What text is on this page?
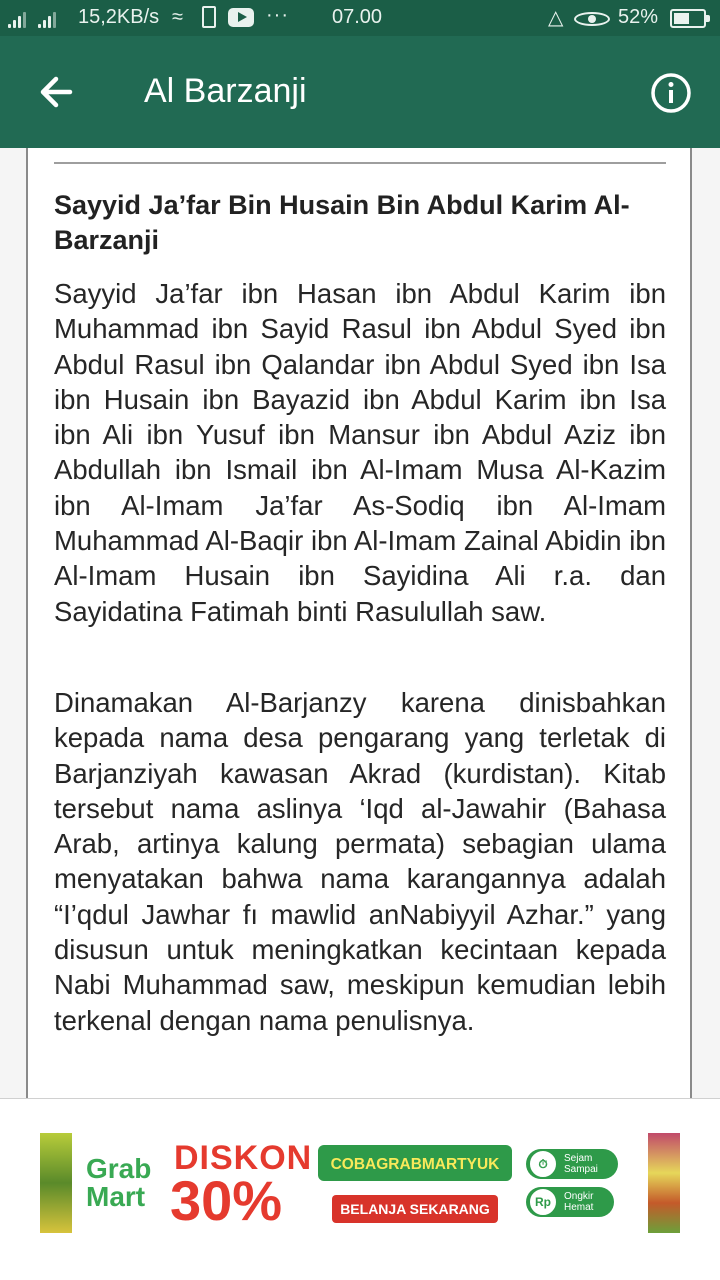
15,2KB/s ≈	··· 07.00	△	52%
Al Barzanji
Sayyid Ja’far Bin Husain Bin Abdul Karim Al-Barzanji
Sayyid Ja’far ibn Hasan ibn Abdul Karim ibn Muhammad ibn Sayid Rasul ibn Abdul Syed ibn Abdul Rasul ibn Qalandar ibn Abdul Syed ibn Isa ibn Husain ibn Bayazid ibn Abdul Karim ibn Isa ibn Ali ibn Yusuf ibn Mansur ibn Abdul Aziz ibn Abdullah ibn Ismail ibn Al-Imam Musa Al-Kazim ibn Al-Imam Ja’far As-Sodiq ibn Al-Imam Muhammad Al-Baqir ibn Al-Imam Zainal Abidin ibn Al-Imam Husain ibn Sayidina Ali r.a. dan Sayidatina Fatimah binti Rasulullah saw.
Dinamakan Al-Barjanzy karena dinisbahkan kepada nama desa pengarang yang terletak di Barjanziyah kawasan Akrad (kurdistan). Kitab tersebut nama aslinya ‘Iqd al-Jawahir (Bahasa Arab, artinya kalung permata) sebagian ulama menyatakan bahwa nama karangannya adalah “I’qdul Jawhar fı mawlid anNabiyyil Azhar.” yang disusun untuk meningkatkan kecintaan kepada Nabi Muhammad saw, meskipun kemudian lebih terkenal dengan nama penulisnya.
Grab
Mart
DISKON
30%
COBAGRABMARTYUK
kode promo
BELANJA SEKARANG
⏱	Sejam Sampai
Rp	Ongkir Hemat
